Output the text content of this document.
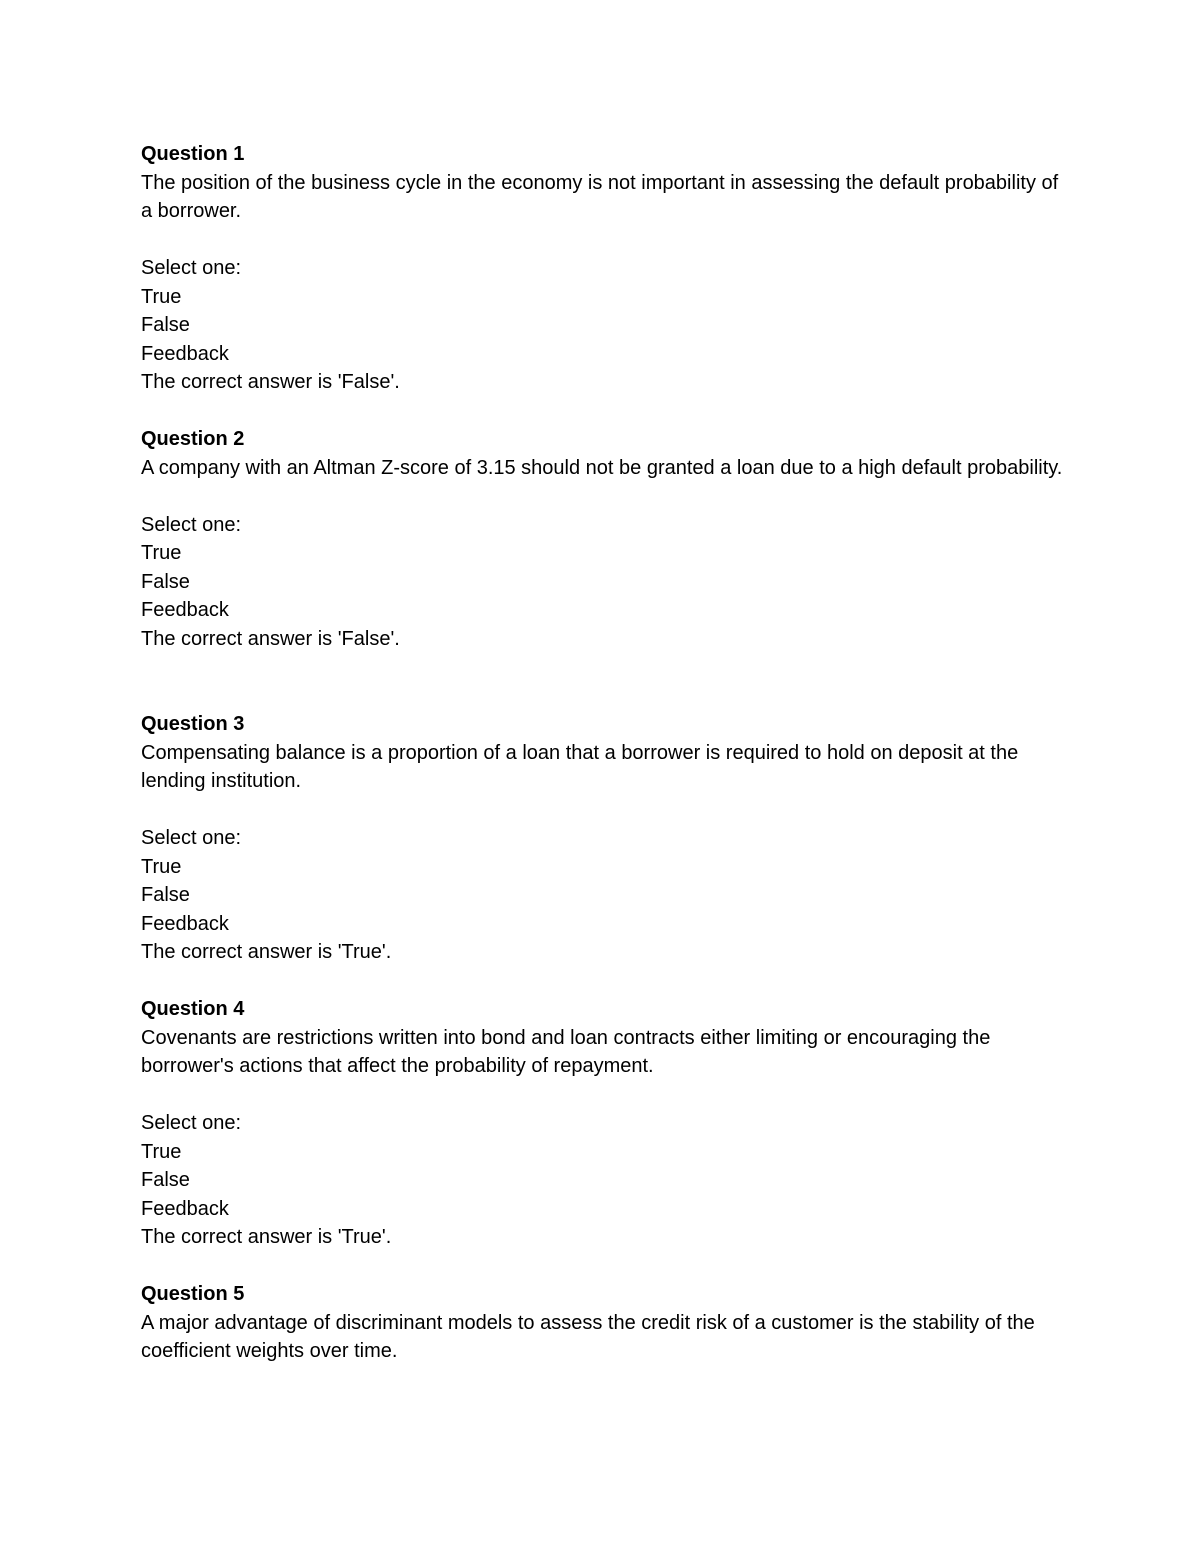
Question 1
The position of the business cycle in the economy is not important in assessing the default probability of a borrower.
Select one:
True
False
Feedback
The correct answer is 'False'.
Question 2
A company with an Altman Z-score of 3.15 should not be granted a loan due to a high default probability.
Select one:
True
False
Feedback
The correct answer is 'False'.
Question 3
Compensating balance is a proportion of a loan that a borrower is required to hold on deposit at the lending institution.
Select one:
True
False
Feedback
The correct answer is 'True'.
Question 4
Covenants are restrictions written into bond and loan contracts either limiting or encouraging the borrower's actions that affect the probability of repayment.
Select one:
True
False
Feedback
The correct answer is 'True'.
Question 5
A major advantage of discriminant models to assess the credit risk of a customer is the stability of the coefficient weights over time.
